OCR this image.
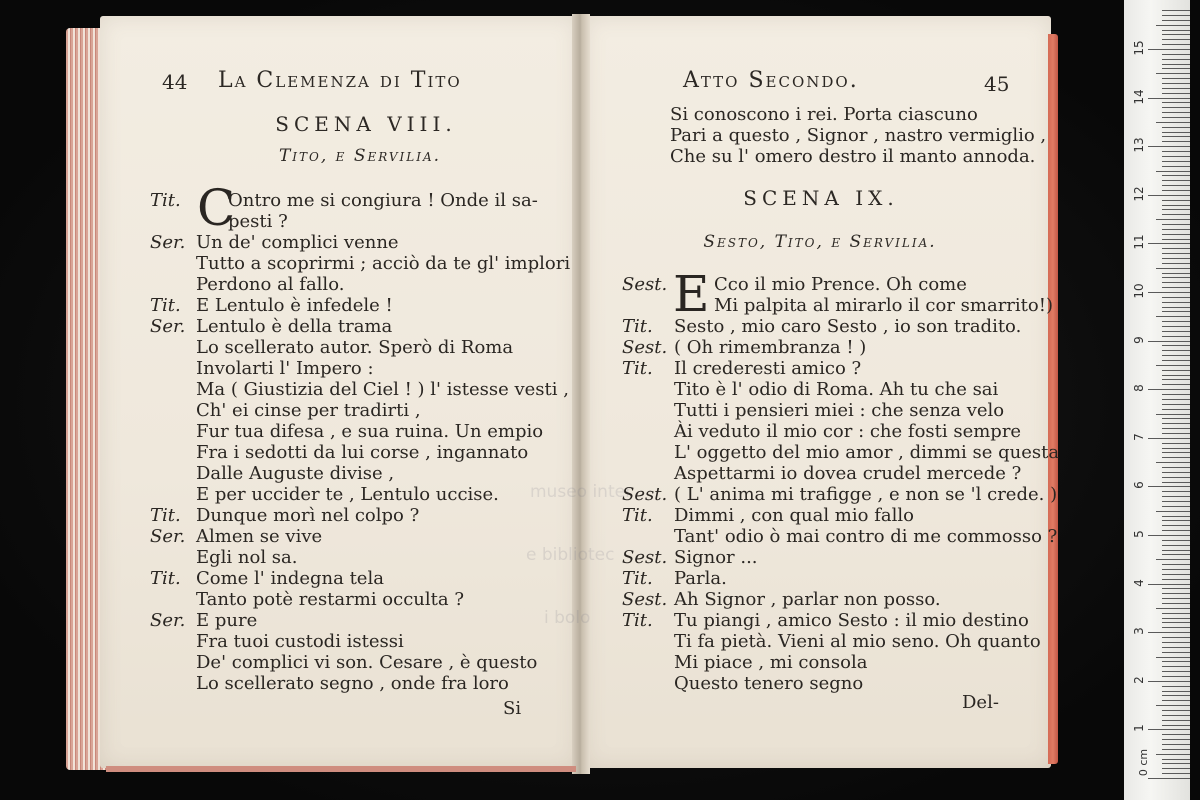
museo inter

e bibliotec

i bolo

44 La Clemenza di Tito
SCENA VIII.
Tito, e Servilia.
C
Tit.	Ontro me si congiura ! Onde il sa-
pesti ?
Ser. Un de' complici venne
Tutto a scoprirmi ; acciò da te gl' implori
Perdono al fallo.
Tit. E Lentulo è infedele !
Ser. Lentulo è della trama
Lo scellerato autor. Sperò di Roma
Involarti l' Impero :
Ma ( Giustizia del Ciel ! ) l' istesse vesti ,
Ch' ei cinse per tradirti ,
Fur tua difesa , e sua ruina. Un empio
Fra i sedotti da lui corse , ingannato
Dalle Auguste divise ,
E per uccider te , Lentulo uccise.
Tit. Dunque morì nel colpo ?
Ser. Almen se vive
Egli nol sa.
Tit. Come l' indegna tela
Tanto potè restarmi occulta ?
Ser. E pure
Fra tuoi custodi istessi
De' complici vi son. Cesare , è questo
Lo scellerato segno , onde fra loro
Si
Atto Secondo.	45
Si conoscono i rei. Porta ciascuno
Pari a questo , Signor , nastro vermiglio ,
Che su l' omero destro il manto annoda.
SCENA IX.
Sesto, Tito, e Servilia.
E
Sest.	Cco il mio Prence. Oh come
Mi palpita al mirarlo il cor smarrito!)
Tit.	Sesto , mio caro Sesto , io son tradito.
Sest. ( Oh rimembranza ! )
Tit.	Il crederesti amico ?
Tito è l' odio di Roma. Ah tu che sai
Tutti i pensieri miei : che senza velo
Ài veduto il mio cor : che fosti sempre
L' oggetto del mio amor , dimmi se questa
Aspettarmi io dovea crudel mercede ?
Sest. ( L' anima mi trafigge , e non se 'l crede. )
Tit.	Dimmi , con qual mio fallo
Tant' odio ò mai contro di me commosso ?
Sest. Signor ...
Tit.	Parla.
Sest. Ah Signor , parlar non posso.
Tit.	Tu piangi , amico Sesto : il mio destino
Ti fa pietà. Vieni al mio seno. Oh quanto
Mi piace , mi consola
Questo tenero segno
Del-
0 cm
1
2
3
4
5
6
7
8
9
10
11
12
13
14
15
